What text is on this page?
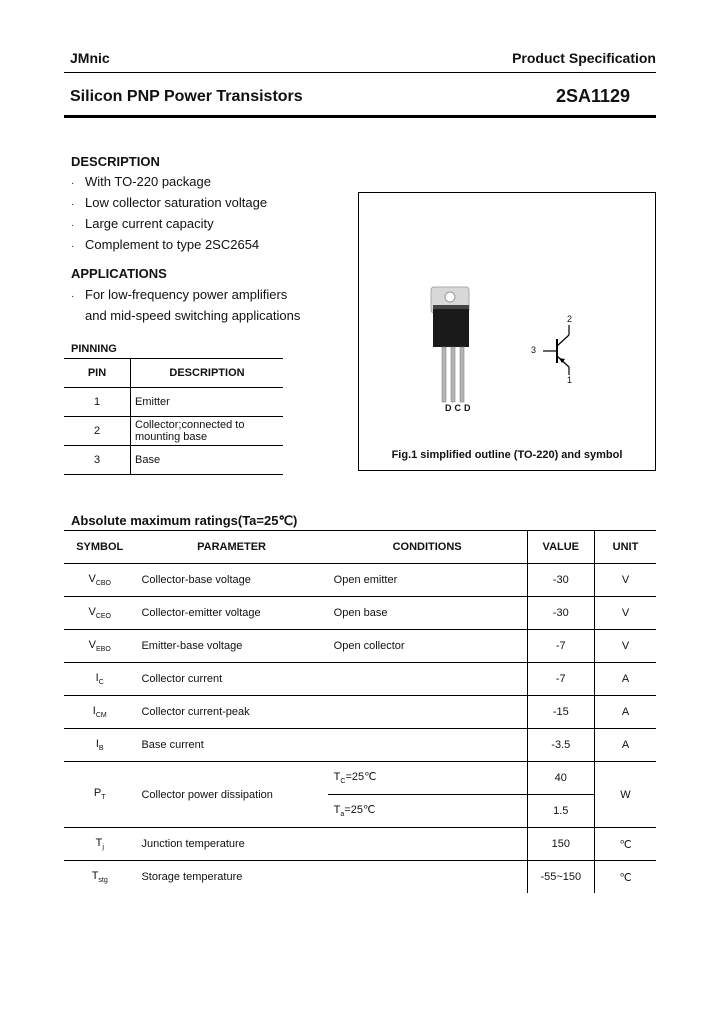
JMnic	Product Specification
Silicon PNP Power Transistors	2SA1129
DESCRIPTION
· With TO-220 package
· Low collector saturation voltage
· Large current capacity
· Complement to type 2SC2654
APPLICATIONS
· For low-frequency power amplifiers
and mid-speed switching applications
PINNING
PIN	DESCRIPTION
1	Emitter
2	Collector;connected to mounting base
3	Base
DCD
2
3
1
Fig.1 simplified outline (TO-220) and symbol
Absolute maximum ratings(Ta=25℃)
SYMBOL	PARAMETER	CONDITIONS	VALUE	UNIT
$V_{CBO}$	Collector-base voltage	Open emitter	-30	V
$V_{CEO}$	Collector-emitter voltage	Open base	-30	V
$V_{EBO}$	Emitter-base voltage	Open collector	-7	V
$I_C$	Collector current		-7	A
$I_{CM}$	Collector current-peak		-15	A
$I_B$	Base current		-3.5	A
$P_T$	Collector power dissipation	$T_C=25℃$	40	W
		$T_a=25℃$	1.5	
$T_j$	Junction temperature		150	℃
$T_{stg}$	Storage temperature		-55~150	℃
